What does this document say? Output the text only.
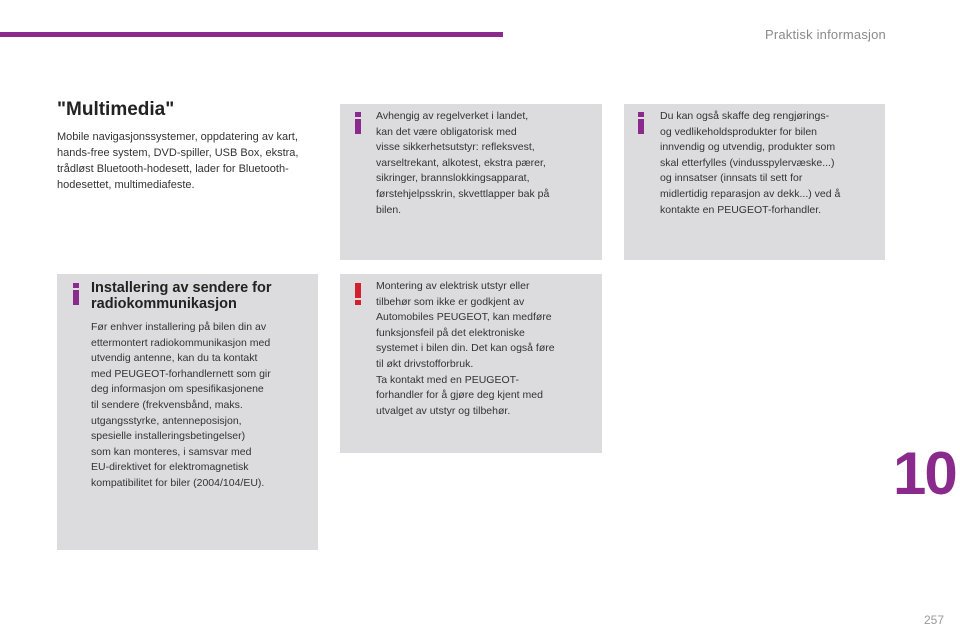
Praktisk informasjon
"Multimedia"

Mobile navigasjonssystemer, oppdatering av kart, hands-free system, DVD-spiller, USB Box, ekstra, trådløst Bluetooth-hodesett, lader for Bluetooth-hodesettet, multimediafeste.

Installering av sendere for radiokommunikasjon

Før enhver installering på bilen din av
ettermontert radiokommunikasjon med
utvendig antenne, kan du ta kontakt
med PEUGEOT-forhandlernett som gir
deg informasjon om spesifikasjonene
til sendere (frekvensbånd, maks.
utgangsstyrke, antenneposisjon,
spesielle installeringsbetingelser)
som kan monteres, i samsvar med
EU-direktivet for elektromagnetisk
kompatibilitet for biler (2004/104/EU).

Avhengig av regelverket i landet,
kan det være obligatorisk med
visse sikkerhetsutstyr: refleksvest,
varseltrekant, alkotest, ekstra pærer,
sikringer, brannslokkingsapparat,
førstehjelpsskrin, skvettlapper bak på
bilen.

Montering av elektrisk utstyr eller
tilbehør som ikke er godkjent av
Automobiles PEUGEOT, kan medføre
funksjonsfeil på det elektroniske
systemet i bilen din. Det kan også føre
til økt drivstofforbruk.
Ta kontakt med en PEUGEOT-
forhandler for å gjøre deg kjent med
utvalget av utstyr og tilbehør.

Du kan også skaffe deg rengjørings-
og vedlikeholdsprodukter for bilen
innvendig og utvendig, produkter som
skal etterfylles (vindusspylervæske...)
og innsatser (innsats til sett for
midlertidig reparasjon av dekk...) ved å
kontakte en PEUGEOT-forhandler.

10
257
